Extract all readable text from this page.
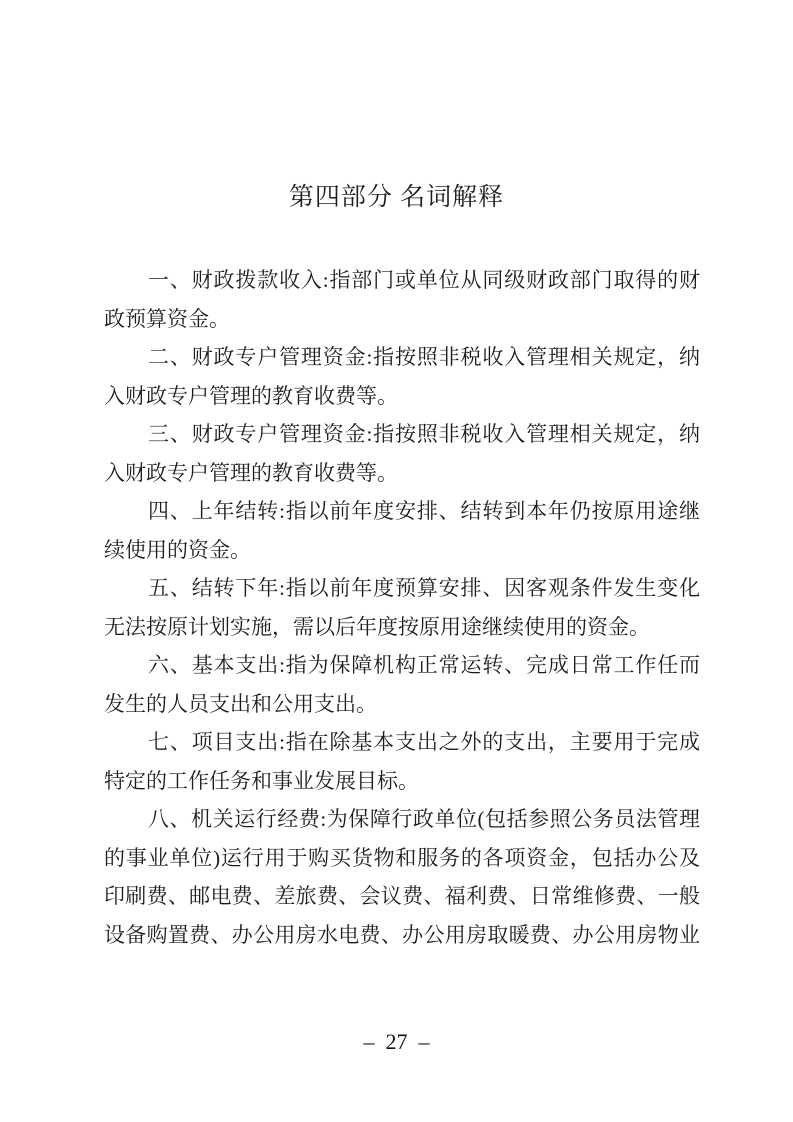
第四部分 名词解释
一、财政拨款收入:指部门或单位从同级财政部门取得的财
政预算资金。
二、财政专户管理资金:指按照非税收入管理相关规定，纳
入财政专户管理的教育收费等。
三、财政专户管理资金:指按照非税收入管理相关规定，纳
入财政专户管理的教育收费等。
四、上年结转:指以前年度安排、结转到本年仍按原用途继
续使用的资金。
五、结转下年:指以前年度预算安排、因客观条件发生变化
无法按原计划实施，需以后年度按原用途继续使用的资金。
六、基本支出:指为保障机构正常运转、完成日常工作任而
发生的人员支出和公用支出。
七、项目支出:指在除基本支出之外的支出，主要用于完成
特定的工作任务和事业发展目标。
八、机关运行经费:为保障行政单位(包括参照公务员法管理
的事业单位)运行用于购买货物和服务的各项资金，包括办公及
印刷费、邮电费、差旅费、会议费、福利费、日常维修费、一般
设备购置费、办公用房水电费、办公用房取暖费、办公用房物业
–  27  –
